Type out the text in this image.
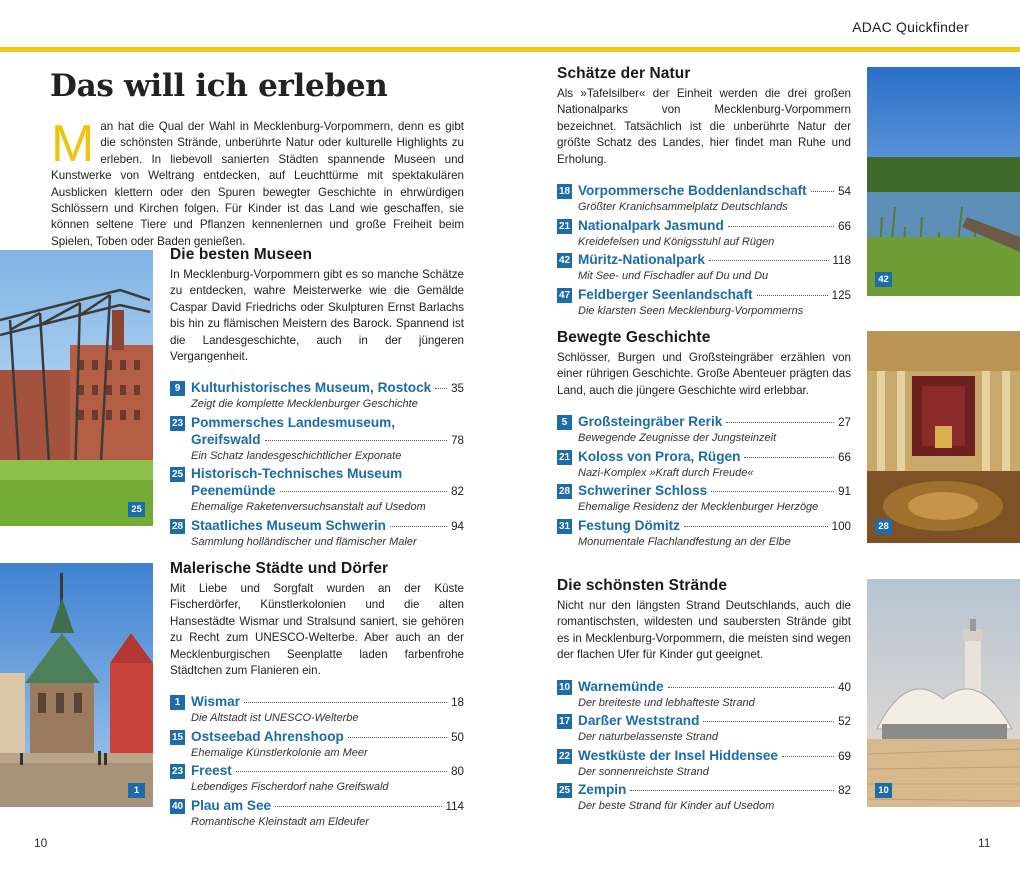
ADAC Quickfinder
Das will ich erleben
Man hat die Qual der Wahl in Mecklenburg-Vorpommern, denn es gibt die schönsten Strände, unberührte Natur oder kulturelle Highlights zu erleben. In liebevoll sanierten Städten spannende Museen und Kunstwerke von Weltrang entdecken, auf Leuchttürme mit spektakulären Ausblicken klettern oder den Spuren bewegter Geschichte in ehrwürdigen Schlössern und Kirchen folgen. Für Kinder ist das Land wie geschaffen, sie können seltene Tiere und Pflanzen kennenlernen und große Freiheit beim Spielen, Toben oder Baden genießen.
25
1
42
28
10
Die besten Museen

In Mecklenburg-Vorpommern gibt es so manche Schätze zu entdecken, wahre Meisterwerke wie die Gemälde Caspar David Friedrichs oder Skulpturen Ernst Barlachs bis hin zu flämischen Meistern des Barock. Spannend ist die Landesgeschichte, auch in der jüngeren Vergangenheit.

9 Kulturhistorisches Museum, Rostock 35
Zeigt die komplette Mecklenburger Geschichte
23 Pommersches Landesmuseum,
Greifswald	78
Ein Schatz landesgeschichtlicher Exponate
25 Historisch-Technisches Museum
Peenemünde	82
Ehemalige Raketenversuchsanstalt auf Usedom
28 Staatliches Museum Schwerin	94
Sammlung holländischer und flämischer Maler
Malerische Städte und Dörfer

Mit Liebe und Sorgfalt wurden an der Küste Fischerdörfer, Künstlerkolonien und die alten Hansestädte Wismar und Stralsund saniert, sie gehören zu Recht zum UNESCO-Welterbe. Aber auch an der Mecklenburgischen Seenplatte laden farbenfrohe Städtchen zum Flanieren ein.

1 Wismar	18
Die Altstadt ist UNESCO-Welterbe
15 Ostseebad Ahrenshoop	50
Ehemalige Künstlerkolonie am Meer
23 Freest	80
Lebendiges Fischerdorf nahe Greifswald
40 Plau am See	114
Romantische Kleinstadt am Eldeufer
Schätze der Natur

Als »Tafelsilber« der Einheit werden die drei großen Nationalparks von Mecklenburg-Vorpommern bezeichnet. Tatsächlich ist die unberührte Natur der größte Schatz des Landes, hier findet man Ruhe und Erholung.

18 Vorpommersche Boddenlandschaft	54
Größter Kranichsammelplatz Deutschlands
21 Nationalpark Jasmund	66
Kreidefelsen und Königsstuhl auf Rügen
42 Müritz-Nationalpark	118
Mit See- und Fischadler auf Du und Du
47 Feldberger Seenlandschaft	125
Die klarsten Seen Mecklenburg-Vorpommerns
Bewegte Geschichte

Schlösser, Burgen und Großsteingräber erzählen von einer rührigen Geschichte. Große Abenteuer prägten das Land, auch die jüngere Geschichte wird erlebbar.

5 Großsteingräber Rerik	27
Bewegende Zeugnisse der Jungsteinzeit
21 Koloss von Prora, Rügen	66
Nazi-Komplex »Kraft durch Freude«
28 Schweriner Schloss	91
Ehemalige Residenz der Mecklenburger Herzöge
31 Festung Dömitz	100
Monumentale Flachlandfestung an der Elbe
Die schönsten Strände

Nicht nur den längsten Strand Deutschlands, auch die romantischsten, wildesten und saubersten Strände gibt es in Mecklenburg-Vorpommern, die meisten sind wegen der flachen Ufer für Kinder gut geeignet.

10 Warnemünde	40
Der breiteste und lebhafteste Strand
17 Darßer Weststrand	52
Der naturbelassenste Strand
22 Westküste der Insel Hiddensee	69
Der sonnenreichste Strand
25 Zempin	82
Der beste Strand für Kinder auf Usedom
10	11
